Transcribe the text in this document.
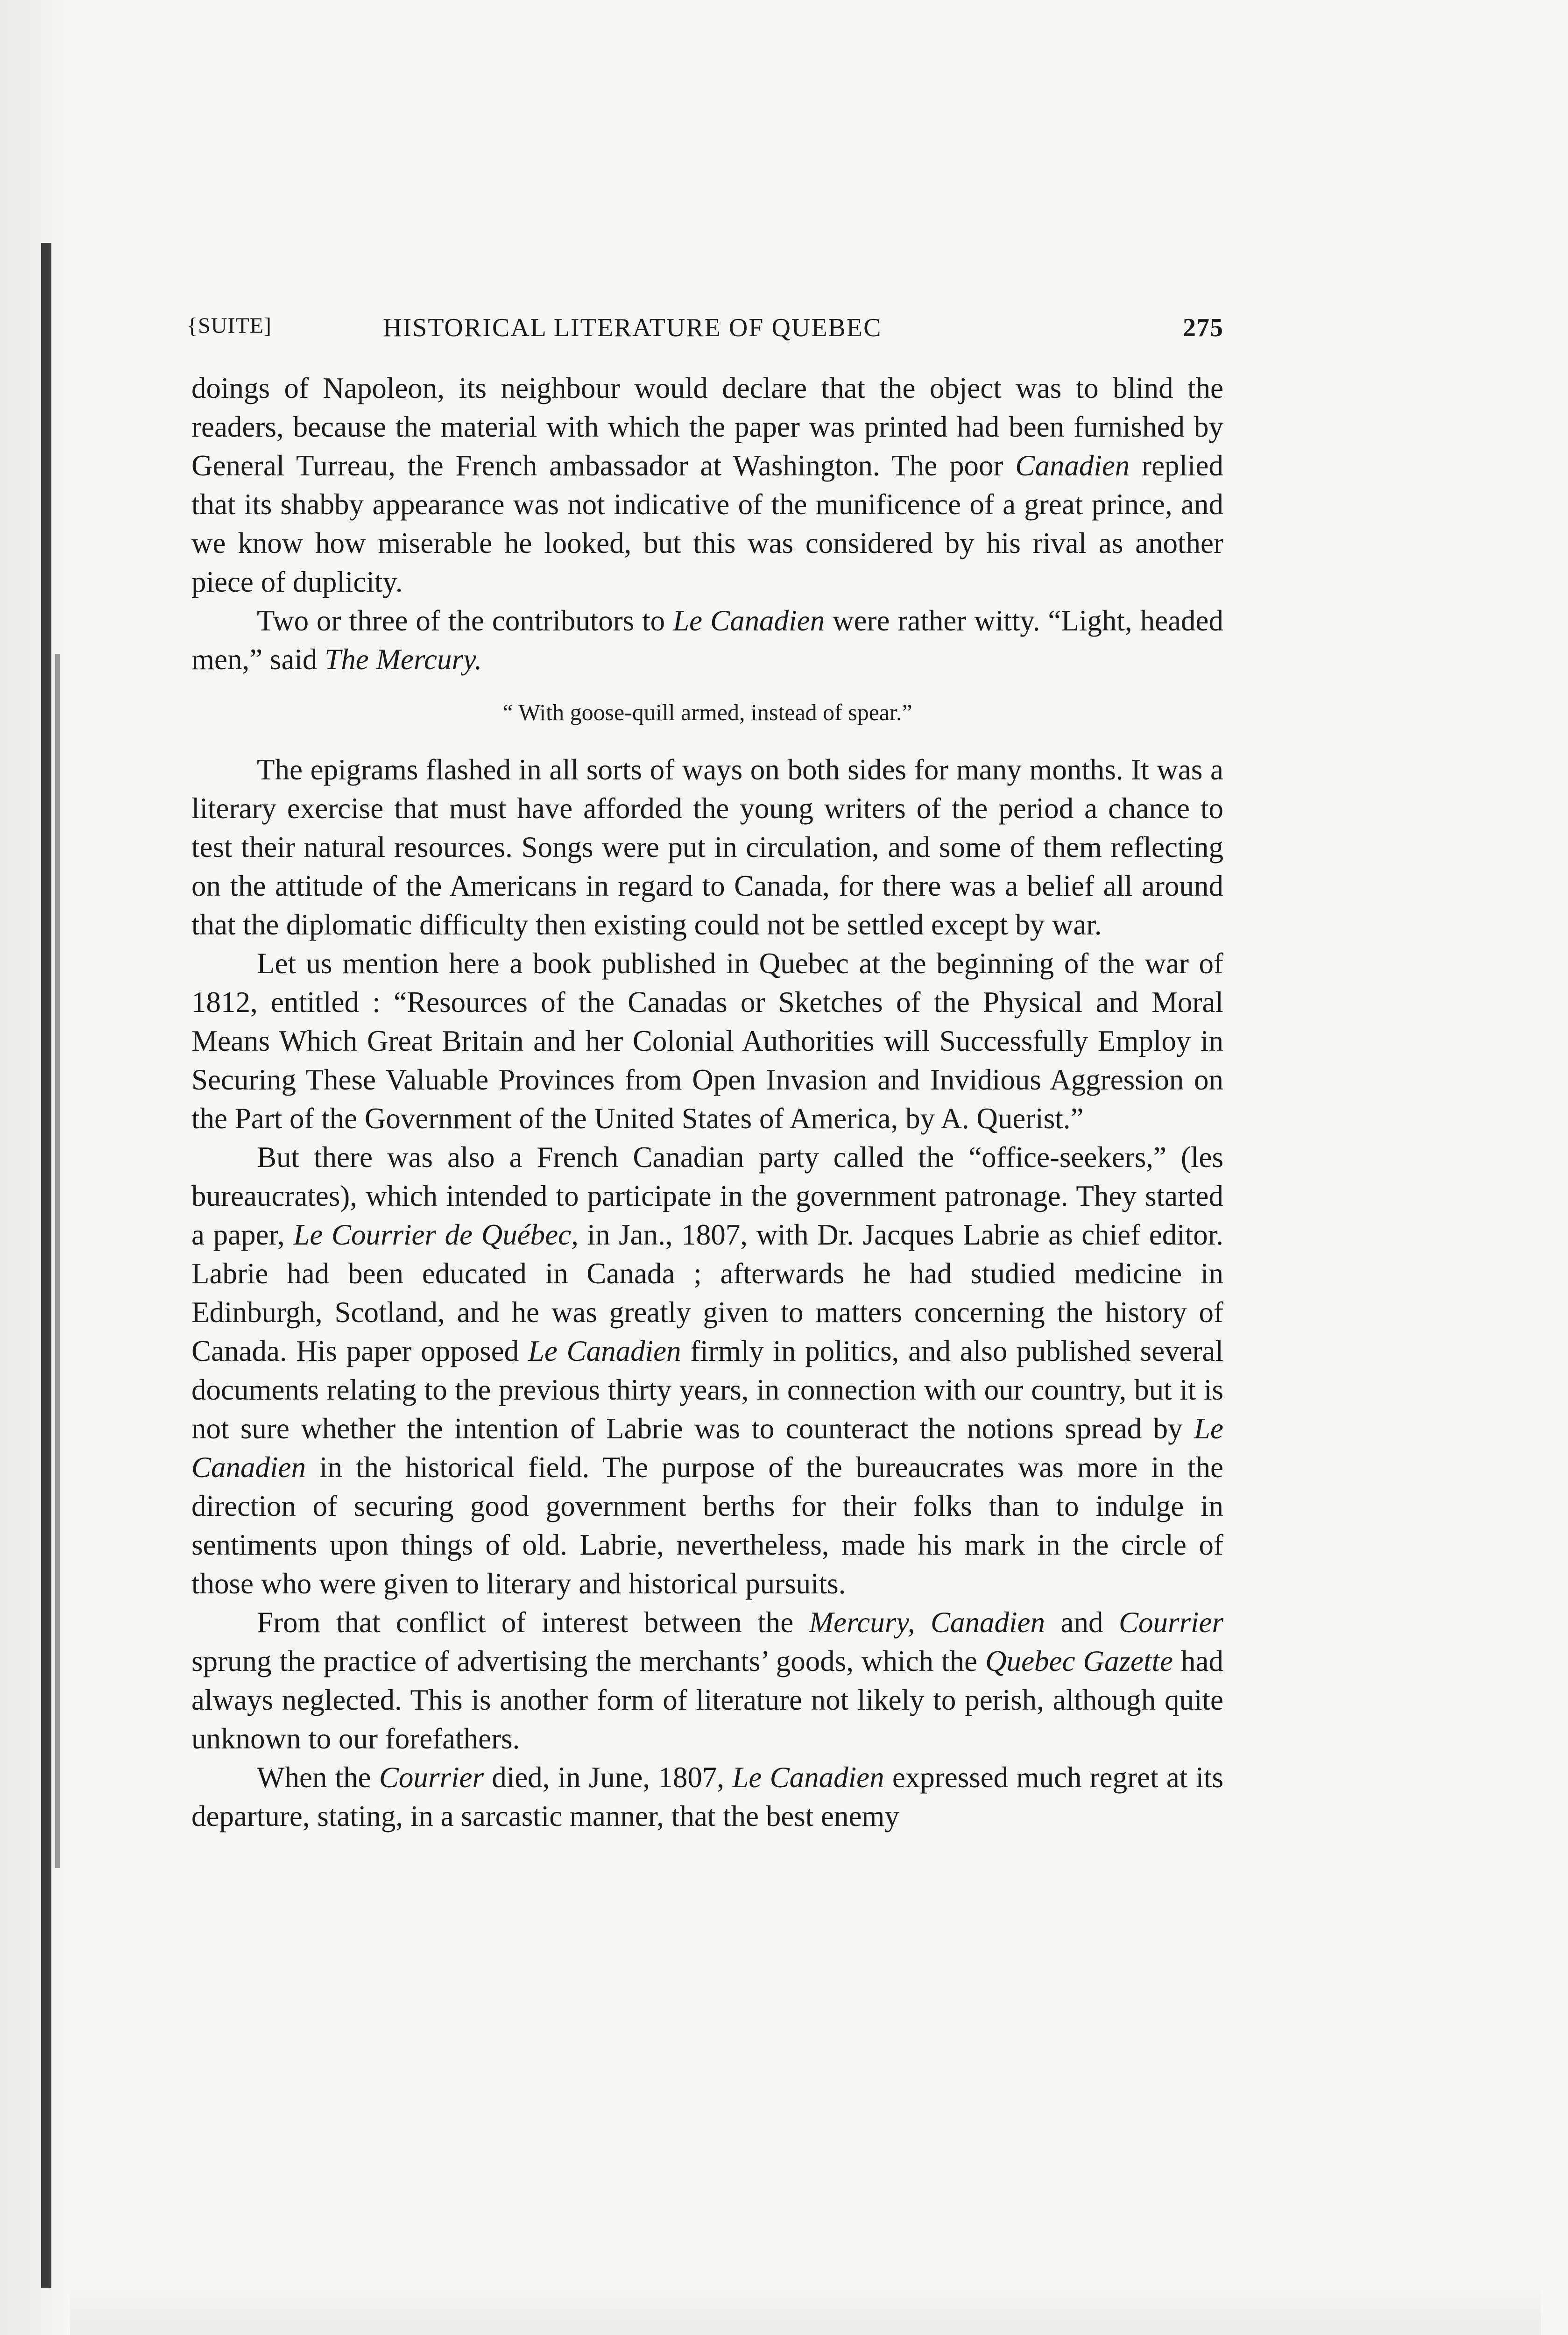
{SUITE]	HISTORICAL LITERATURE OF QUEBEC	275

doings of Napoleon, its neighbour would declare that the object was to blind the readers, because the material with which the paper was printed had been furnished by General Turreau, the French ambassador at Washington. The poor Canadien replied that its shabby appearance was not indicative of the munificence of a great prince, and we know how miserable he looked, but this was considered by his rival as another piece of duplicity.

Two or three of the contributors to Le Canadien were rather witty. “Light, headed men,” said The Mercury.

“ With goose-quill armed, instead of spear.”

The epigrams flashed in all sorts of ways on both sides for many months. It was a literary exercise that must have afforded the young writers of the period a chance to test their natural resources. Songs were put in circulation, and some of them reflecting on the attitude of the Americans in regard to Canada, for there was a belief all around that the diplomatic difficulty then existing could not be settled except by war.

Let us mention here a book published in Quebec at the beginning of the war of 1812, entitled : “Resources of the Canadas or Sketches of the Physical and Moral Means Which Great Britain and her Colonial Authorities will Successfully Employ in Securing These Valuable Provinces from Open Invasion and Invidious Aggression on the Part of the Government of the United States of America, by A. Querist.”

But there was also a French Canadian party called the “office-seekers,” (les bureaucrates), which intended to participate in the government patronage. They started a paper, Le Courrier de Québec, in Jan., 1807, with Dr. Jacques Labrie as chief editor. Labrie had been educated in Canada ; afterwards he had studied medicine in Edinburgh, Scotland, and he was greatly given to matters concerning the history of Canada. His paper opposed Le Canadien firmly in politics, and also published several documents relating to the previous thirty years, in connection with our country, but it is not sure whether the intention of Labrie was to counteract the notions spread by Le Canadien in the historical field. The purpose of the bureaucrates was more in the direction of securing good government berths for their folks than to indulge in sentiments upon things of old. Labrie, nevertheless, made his mark in the circle of those who were given to literary and historical pursuits.

From that conflict of interest between the Mercury, Canadien and Courrier sprung the practice of advertising the merchants’ goods, which the Quebec Gazette had always neglected. This is another form of literature not likely to perish, although quite unknown to our forefathers.

When the Courrier died, in June, 1807, Le Canadien expressed much regret at its departure, stating, in a sarcastic manner, that the best enemy
